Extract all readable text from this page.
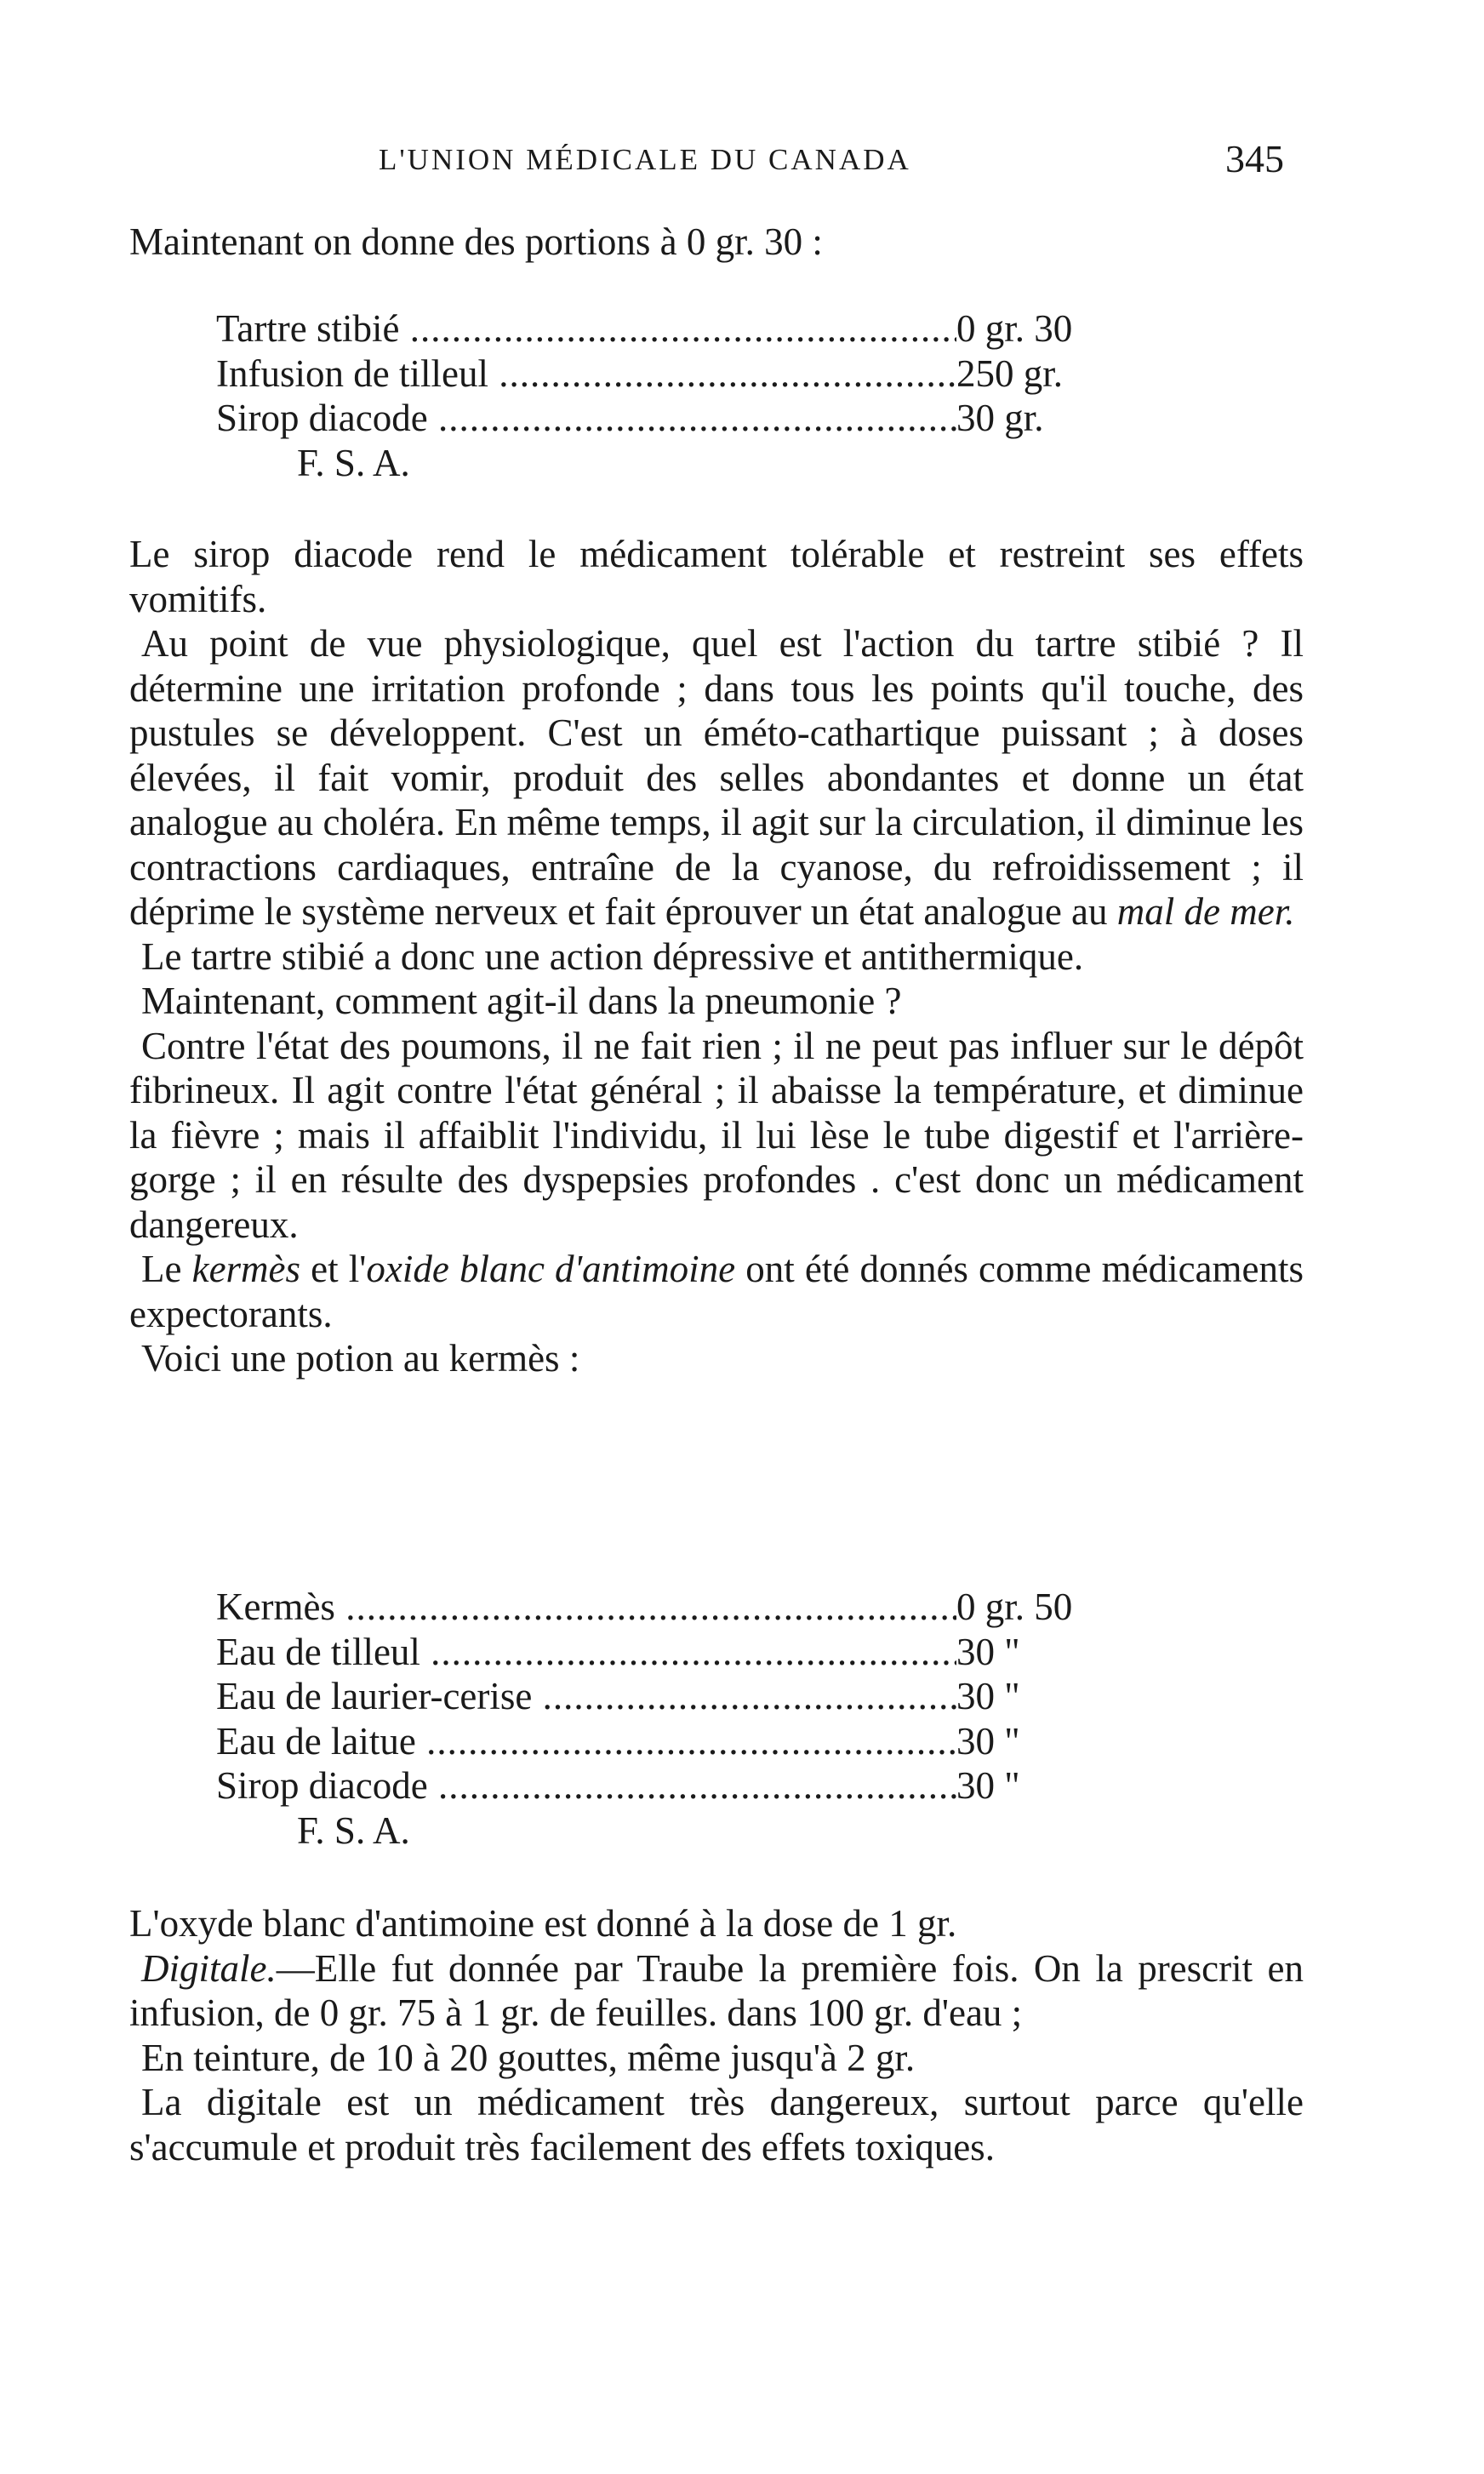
L'UNION MÉDICALE DU CANADA	345

Maintenant on donne des portions à 0 gr. 30 :

Tartre stibié .....	0 gr. 30
Infusion de tilleul .....	250 gr.
Sirop diacode .....	30 gr.
F. S. A.

Le sirop diacode rend le médicament tolérable et restreint ses effets vomitifs.

Au point de vue physiologique, quel est l'action du tartre stibié ? Il détermine une irritation profonde ; dans tous les points qu'il touche, des pustules se développent. C'est un éméto-cathartique puissant ; à doses élevées, il fait vomir, produit des selles abondantes et donne un état analogue au choléra. En même temps, il agit sur la circulation, il diminue les contractions cardiaques, entraîne de la cyanose, du refroidissement ; il déprime le système nerveux et fait éprouver un état analogue au mal de mer.

Le tartre stibié a donc une action dépressive et antithermique.

Maintenant, comment agit-il dans la pneumonie ?

Contre l'état des poumons, il ne fait rien ; il ne peut pas influer sur le dépôt fibrineux. Il agit contre l'état général ; il abaisse la température, et diminue la fièvre ; mais il affaiblit l'individu, il lui lèse le tube digestif et l'arrière-gorge ; il en résulte des dyspepsies profondes . c'est donc un médicament dangereux.

Le kermès et l'oxide blanc d'antimoine ont été donnés comme médicaments expectorants.

Voici une potion au kermès :

Kermès .....	0 gr. 50
Eau de tilleul .....	30 "
Eau de laurier-cerise .....	30 "
Eau de laitue .....	30 "
Sirop diacode .....	30 "
F. S. A.

L'oxyde blanc d'antimoine est donné à la dose de 1 gr.

Digitale.—Elle fut donnée par Traube la première fois. On la prescrit en infusion, de 0 gr. 75 à 1 gr. de feuilles. dans 100 gr. d'eau ;

En teinture, de 10 à 20 gouttes, même jusqu'à 2 gr.

La digitale est un médicament très dangereux, surtout parce qu'elle s'accumule et produit très facilement des effets toxiques.
